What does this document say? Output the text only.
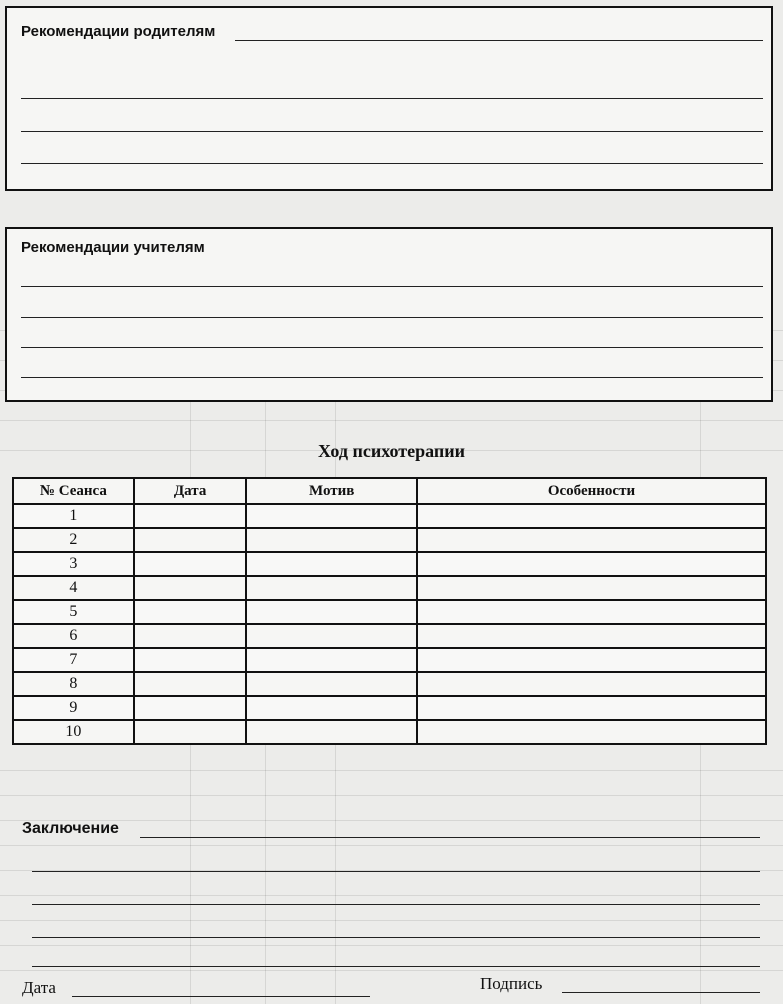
Рекомендации родителям
Рекомендации учителям
Ход психотерапии
№ Сеанса	Дата	Мотив	Особенности
1			
2			
3			
4			
5			
6			
7			
8			
9			
10			
Заключение
Дата	Подпись
